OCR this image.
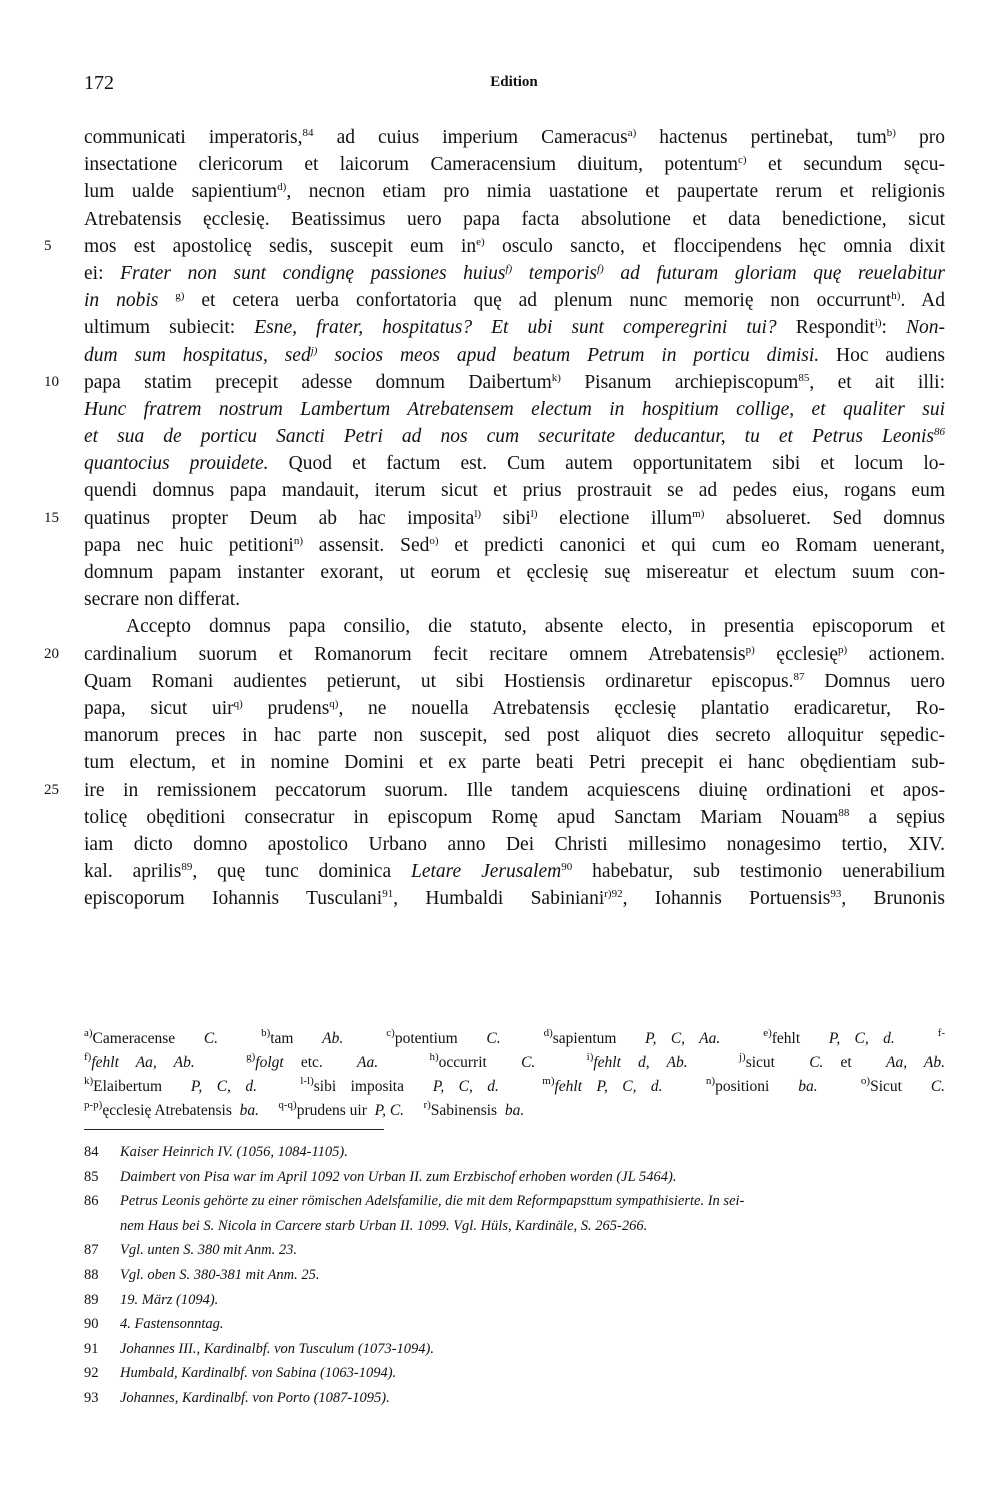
172	Edition
communicati imperatoris,$^{84}$ ad cuius imperium Cameracus$^{a)}$ hactenus pertinebat, tum$^{b)}$ pro
insectatione clericorum et laicorum Cameracensium diuitum, potentum$^{c)}$ et secundum sęcu-
lum ualde sapientium$^{d)}$, necnon etiam pro nimia uastatione et paupertate rerum et religionis
Atrebatensis ęcclesię. Beatissimus uero papa facta absolutione et data benedictione, sicut
5	mos est apostolicę sedis, suscepit eum $in^{e)}$ osculo sancto, et floccipendens hęc omnia dixit
ei: Frater non sunt condignę passiones huius$^{f)}$ temporis$^{f)}$ ad futuram gloriam quę reuelabitur
in nobis $^{g)}$ et cetera uerba confortatoria quę ad plenum nunc memorię non occurrunt$^{h)}$. Ad
ultimum subiecit: Esne, frater, hospitatus? Et ubi sunt comperegrini tui? Respondit$^{i)}$: Non-
dum sum hospitatus, sed$^{j)}$ socios meos apud beatum Petrum in porticu dimisi. Hoc audiens
10	papa statim precepit adesse domnum Daibertum$^{k)}$ Pisanum archiepiscopum$^{85}$, et ait illi:
Hunc fratrem nostrum Lambertum Atrebatensem electum in hospitium collige, et qualiter sui
et sua de porticu Sancti Petri ad nos cum securitate deducantur, tu et Petrus Leonis$^{86}$
quantocius prouidete. Quod et factum est. Cum autem opportunitatem sibi et locum lo-
quendi domnus papa mandauit, iterum sicut et prius prostrauit se ad pedes eius, rogans eum
15	quatinus propter Deum ab hac imposita$^{l)}$ sibi$^{l)}$ electione illum$^{m)}$ absolueret. Sed domnus
papa nec huic petitioni$^{n)}$ assensit. Sed$^{o)}$ et predicti canonici et qui cum eo Romam uenerant,
domnum papam instanter exorant, ut eorum et ęcclesię suę misereatur et electum suum con-
secrare non differat.
Accepto domnus papa consilio, die statuto, absente electo, in presentia episcoporum et
20	cardinalium suorum et Romanorum fecit recitare omnem Atrebatensis$^{p)}$ ęcclesię$^{p)}$ actionem.
Quam Romani audientes petierunt, ut sibi Hostiensis ordinaretur episcopus.$^{87}$ Domnus uero
papa, sicut uir$^{q)}$ prudens$^{q)}$, ne nouella Atrebatensis ęcclesię plantatio eradicaretur, Ro-
manorum preces in hac parte non suscepit, sed post aliquot dies secreto alloquitur sępedic-
tum electum, et in nomine Domini et ex parte beati Petri precepit ei hanc obędientiam sub-
25	ire in remissionem peccatorum suorum. Ille tandem acquiescens diuinę ordinationi et apos-
tolicę obęditioni consecratur in episcopum Romę apud Sanctam Mariam Nouam$^{88}$ a sępius
iam dicto domno apostolico Urbano anno Dei Christi millesimo nonagesimo tertio, XIV.
kal. aprilis$^{89}$, quę tunc dominica Letare Jerusalem$^{90}$ habebatur, sub testimonio uenerabilium
episcoporum Iohannis Tusculani$^{91}$, Humbaldi Sabiniani$^{r)92}$, Iohannis Portuensis$^{93}$, Brunonis
$^{a)}$Cameracense  C.	$^{b)}$tam  Ab.	$^{c)}$potentium  C.	$^{d)}$sapientum  P, C, Aa.	$^{e)}$fehlt  P, C, d.	$^{f-}$
$^{f)}$fehlt Aa, Ab.	$^{g)}$folgt etc.  Aa.	$^{h)}$occurrit  C.	$^{i)}$fehlt d, Ab.	$^{j)}$sicut  C. et  Aa, Ab.
$^{k)}$Elaibertum  P, C, d.	$^{l-l)}$sibi imposita  P, C, d.	$^{m)}$fehlt P, C, d.	$^{n)}$positioni  ba.	$^{o)}$Sicut  C.
$^{p-p)}$ęcclesię Atrebatensis  ba. $^{q-q)}$prudens uir  P, C. $^{r)}$Sabinensis  ba.
84 Kaiser Heinrich IV. (1056, 1084-1105).
85 Daimbert von Pisa war im April 1092 von Urban II. zum Erzbischof erhoben worden (JL 5464).
86 Petrus Leonis gehörte zu einer römischen Adelsfamilie, die mit dem Reformpapsttum sympathisierte. In sei-
nem Haus bei S. Nicola in Carcere starb Urban II. 1099. Vgl. Hüls, Kardinäle, S. 265-266.
87 Vgl. unten S. 380 mit Anm. 23.
88 Vgl. oben S. 380-381 mit Anm. 25.
89 19. März (1094).
90 4. Fastensonntag.
91 Johannes III., Kardinalbf. von Tusculum (1073-1094).
92 Humbald, Kardinalbf. von Sabina (1063-1094).
93 Johannes, Kardinalbf. von Porto (1087-1095).
